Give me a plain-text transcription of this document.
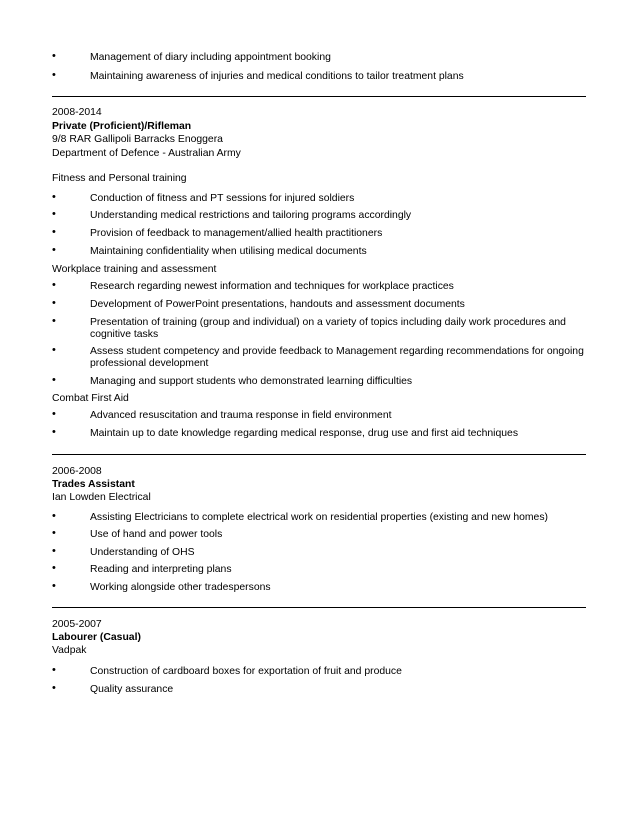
•	Management of diary including appointment booking
•	Maintaining awareness of injuries and medical conditions to tailor treatment plans
2008-2014
Private (Proficient)/Rifleman
9/8 RAR Gallipoli Barracks Enoggera
Department of Defence - Australian Army
Fitness and Personal training
•	Conduction of fitness and PT sessions for injured soldiers
•	Understanding medical restrictions and tailoring programs accordingly
•	Provision of feedback to management/allied health practitioners
•	Maintaining confidentiality when utilising medical documents
Workplace training and assessment
•	Research regarding newest information and techniques for workplace practices
•	Development of PowerPoint presentations, handouts and assessment documents
•	Presentation of training (group and individual) on a variety of topics including daily work procedures and cognitive tasks
•	Assess student competency and provide feedback to Management regarding recommendations for ongoing professional development
•	Managing and support students who demonstrated learning difficulties
Combat First Aid
•	Advanced resuscitation and trauma response in field environment
•	Maintain up to date knowledge regarding medical response, drug use and first aid techniques
2006-2008
Trades Assistant
Ian Lowden Electrical
•	Assisting Electricians to complete electrical work on residential properties (existing and new homes)
•	Use of hand and power tools
•	Understanding of OHS
•	Reading and interpreting plans
•	Working alongside other tradespersons
2005-2007
Labourer (Casual)
Vadpak
•	Construction of cardboard boxes for exportation of fruit and produce
•	Quality assurance
